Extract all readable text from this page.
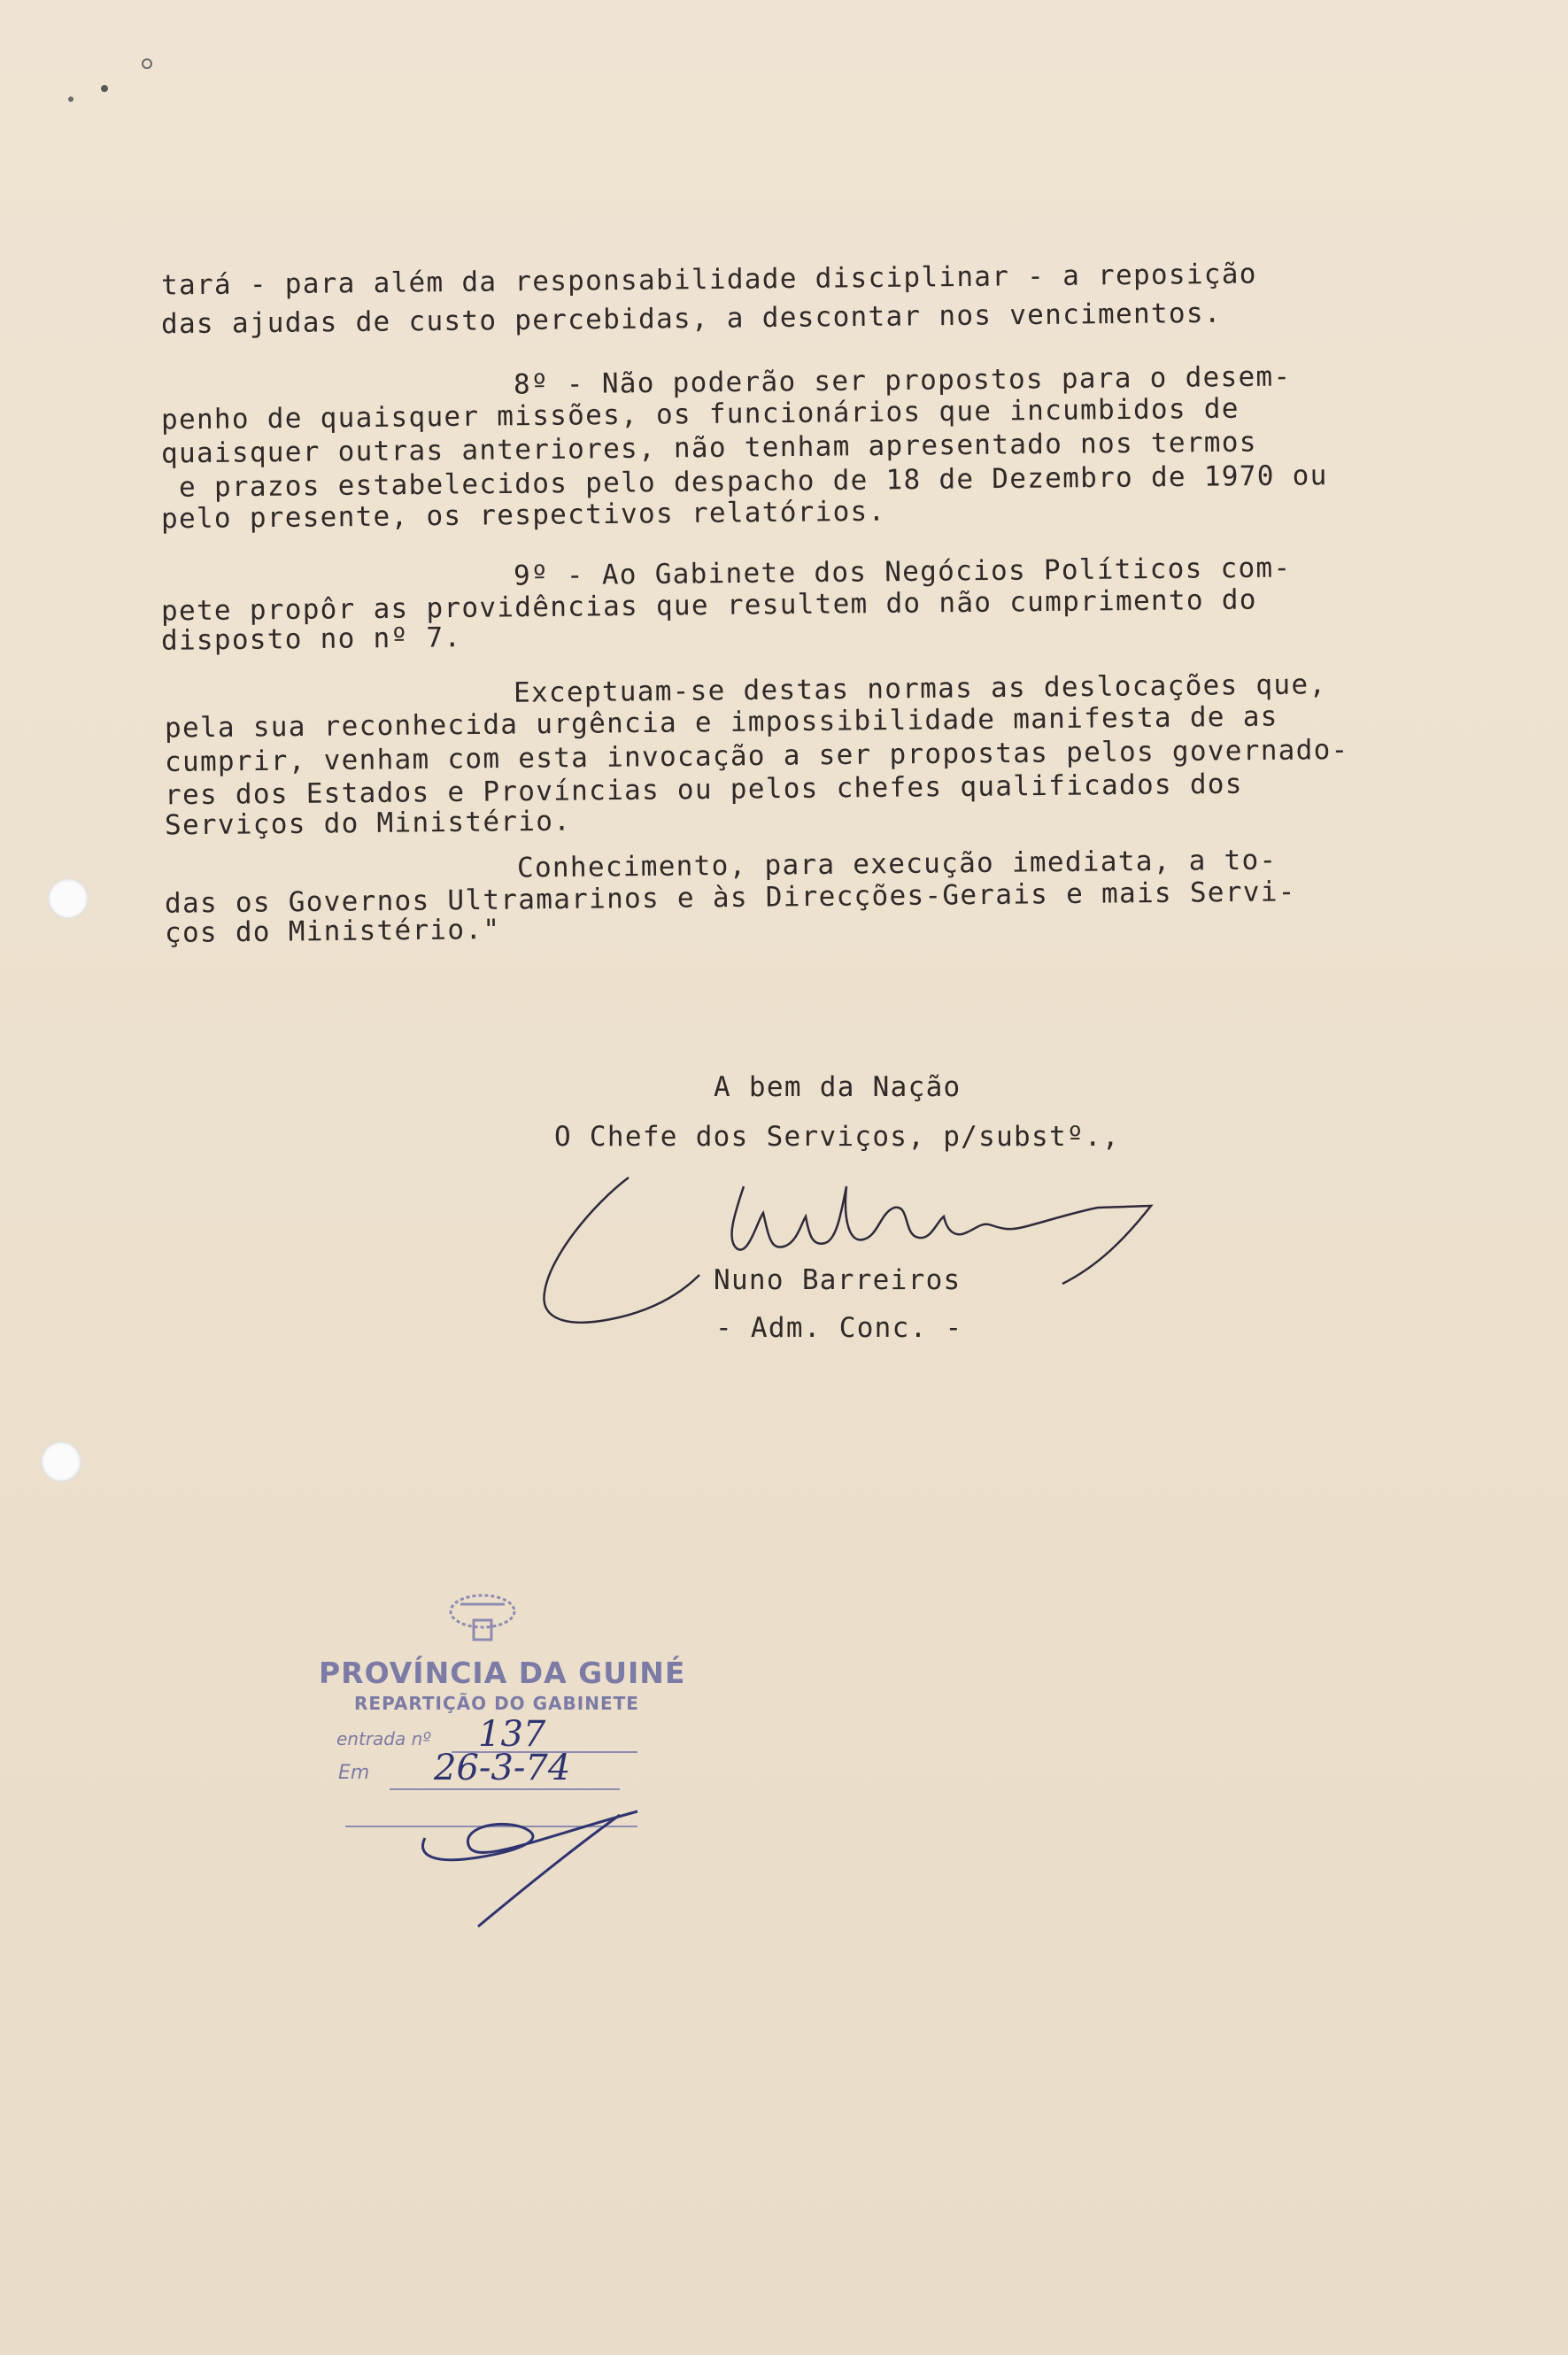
tará - para além da responsabilidade disciplinar - a reposição
das ajudas de custo percebidas, a descontar nos vencimentos.
8º - Não poderão ser propostos para o desem-
penho de quaisquer missões, os funcionários que incumbidos de
quaisquer outras anteriores, não tenham apresentado nos termos
e prazos estabelecidos pelo despacho de 18 de Dezembro de 1970 ou
pelo presente, os respectivos relatórios.
9º - Ao Gabinete dos Negócios Políticos com-
pete propôr as providências que resultem do não cumprimento do
disposto no nº 7.
Exceptuam-se destas normas as deslocações que,
pela sua reconhecida urgência e impossibilidade manifesta de as
cumprir, venham com esta invocação a ser propostas pelos governado-
res dos Estados e Províncias ou pelos chefes qualificados dos
Serviços do Ministério.
Conhecimento, para execução imediata, a to-
das os Governos Ultramarinos e às Direcções-Gerais e mais Servi-
ços do Ministério."
A bem da Nação
O Chefe dos Serviços, p/substº.,
Nuno Barreiros
- Adm. Conc. -
PROVÍNCIA DA GUINÉ
REPARTIÇÃO DO GABINETE
entrada nº 137
Em 26-3-74
